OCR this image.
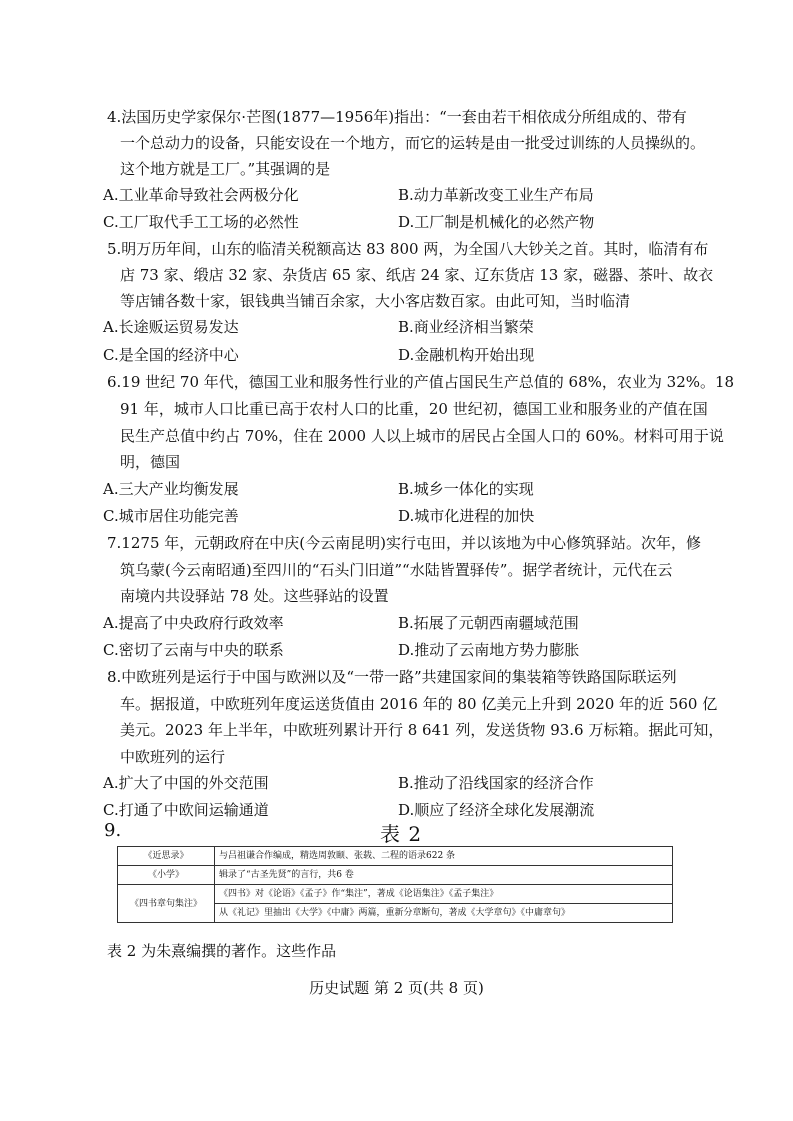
4.法国历史学家保尔·芒图(1877—1956年)指出：“一套由若干相依成分所组成的、带有
一个总动力的设备，只能安设在一个地方，而它的运转是由一批受过训练的人员操纵的。
这个地方就是工厂。”其强调的是
A.工业革命导致社会两极分化	B.动力革新改变工业生产布局
C.工厂取代手工工场的必然性	D.工厂制是机械化的必然产物
5.明万历年间，山东的临清关税额高达 83 800 两，为全国八大钞关之首。其时，临清有布
店 73 家、缎店 32 家、杂货店 65 家、纸店 24 家、辽东货店 13 家，磁器、茶叶、故衣
等店铺各数十家，银钱典当铺百余家，大小客店数百家。由此可知，当时临清
A.长途贩运贸易发达	B.商业经济相当繁荣
C.是全国的经济中心	D.金融机构开始出现
6.19 世纪 70 年代，德国工业和服务性行业的产值占国民生产总值的 68%，农业为 32%。18
91 年，城市人口比重已高于农村人口的比重，20 世纪初，德国工业和服务业的产值在国
民生产总值中约占 70%，住在 2000 人以上城市的居民占全国人口的 60%。材料可用于说
明，德国
A.三大产业均衡发展	B.城乡一体化的实现
C.城市居住功能完善	D.城市化进程的加快
7.1275 年，元朝政府在中庆(今云南昆明)实行屯田，并以该地为中心修筑驿站。次年，修
筑乌蒙(今云南昭通)至四川的“石头门旧道”“水陆皆置驿传”。据学者统计，元代在云
南境内共设驿站 78 处。这些驿站的设置
A.提高了中央政府行政效率	B.拓展了元朝西南疆域范围
C.密切了云南与中央的联系	D.推动了云南地方势力膨胀
8.中欧班列是运行于中国与欧洲以及“一带一路”共建国家间的集装箱等铁路国际联运列
车。据报道，中欧班列年度运送货值由 2016 年的 80 亿美元上升到 2020 年的近 560 亿
美元。2023 年上半年，中欧班列累计开行 8 641 列，发送货物 93.6 万标箱。据此可知，
中欧班列的运行
A.扩大了中国的外交范围	B.推动了沿线国家的经济合作
C.打通了中欧间运输通道	D.顺应了经济全球化发展潮流
9.	表 2
《近思录》	与吕祖谦合作编成，精选周敦颐、张载、二程的语录622 条
《小学》	辑录了“古圣先贤”的言行，共6 卷
《四书章句集注》	《四书》对《论语》《孟子》作“集注”，著成《论语集注》《孟子集注》
	从《礼记》里抽出《大学》《中庸》两篇，重新分章断句，著成《大学章句》《中庸章句》
表 2 为朱熹编撰的著作。这些作品
历史试题 第 2 页(共 8 页)
